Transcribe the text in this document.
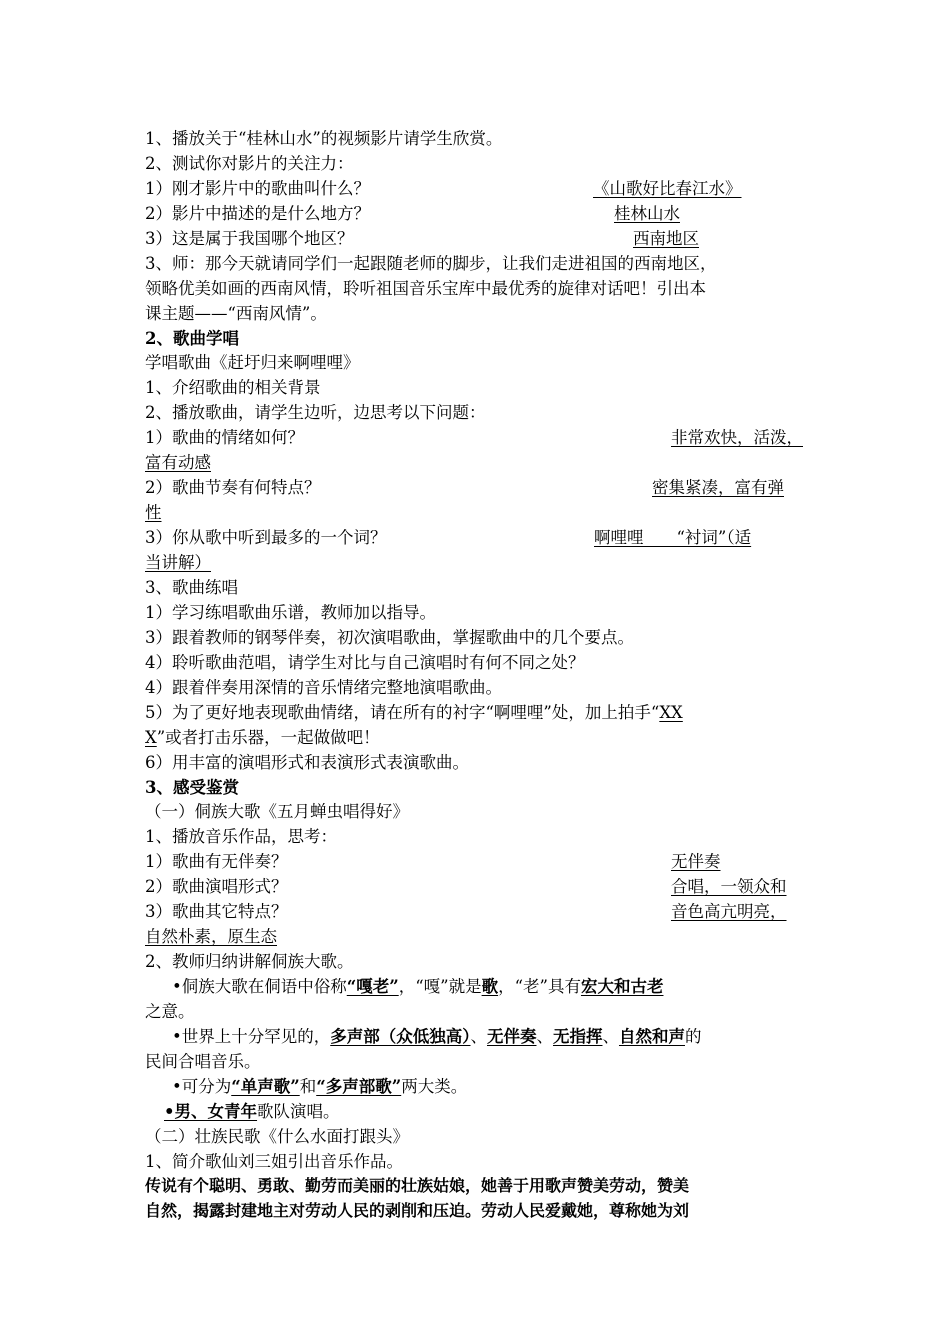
1、播放关于“桂林山水”的视频影片请学生欣赏。
2、测试你对影片的关注力：
1）刚才影片中的歌曲叫什么？	《山歌好比春江水》
2）影片中描述的是什么地方？	桂林山水
3）这是属于我国哪个地区？	西南地区
3、师：那今天就请同学们一起跟随老师的脚步，让我们走进祖国的西南地区，
领略优美如画的西南风情，聆听祖国音乐宝库中最优秀的旋律对话吧！引出本
课主题——“西南风情”。
2、歌曲学唱
学唱歌曲《赶圩归来啊哩哩》
1、介绍歌曲的相关背景
2、播放歌曲，请学生边听，边思考以下问题：
1）歌曲的情绪如何？	非常欢快，活泼，
富有动感
2）歌曲节奏有何特点？	密集紧凑，富有弹
性
3）你从歌中听到最多的一个词？	啊哩哩　　“衬词”（适
当讲解）
3、歌曲练唱
1）学习练唱歌曲乐谱，教师加以指导。
3）跟着教师的钢琴伴奏，初次演唱歌曲，掌握歌曲中的几个要点。
4）聆听歌曲范唱，请学生对比与自己演唱时有何不同之处？
4）跟着伴奏用深情的音乐情绪完整地演唱歌曲。
5）为了更好地表现歌曲情绪，请在所有的衬字“啊哩哩”处，加上拍手“XX
X”或者打击乐器，一起做做吧！
6）用丰富的演唱形式和表演形式表演歌曲。
3、感受鉴赏
（一）侗族大歌《五月蝉虫唱得好》
1、播放音乐作品，思考：
1）歌曲有无伴奏？	无伴奏
2）歌曲演唱形式？	合唱，一领众和
3）歌曲其它特点？	音色高亢明亮，
自然朴素，原生态
2、教师归纳讲解侗族大歌。
•侗族大歌在侗语中俗称“嘎老”，“嘎”就是歌，“老”具有宏大和古老
之意。
•世界上十分罕见的，多声部（众低独高）、无伴奏、无指挥、自然和声的
民间合唱音乐。
•可分为“单声歌”和“多声部歌”两大类。
•男、女青年歌队演唱。
（二）壮族民歌《什么水面打跟头》
1、简介歌仙刘三姐引出音乐作品。
传说有个聪明、勇敢、勤劳而美丽的壮族姑娘，她善于用歌声赞美劳动，赞美
自然，揭露封建地主对劳动人民的剥削和压迫。劳动人民爱戴她，尊称她为刘
